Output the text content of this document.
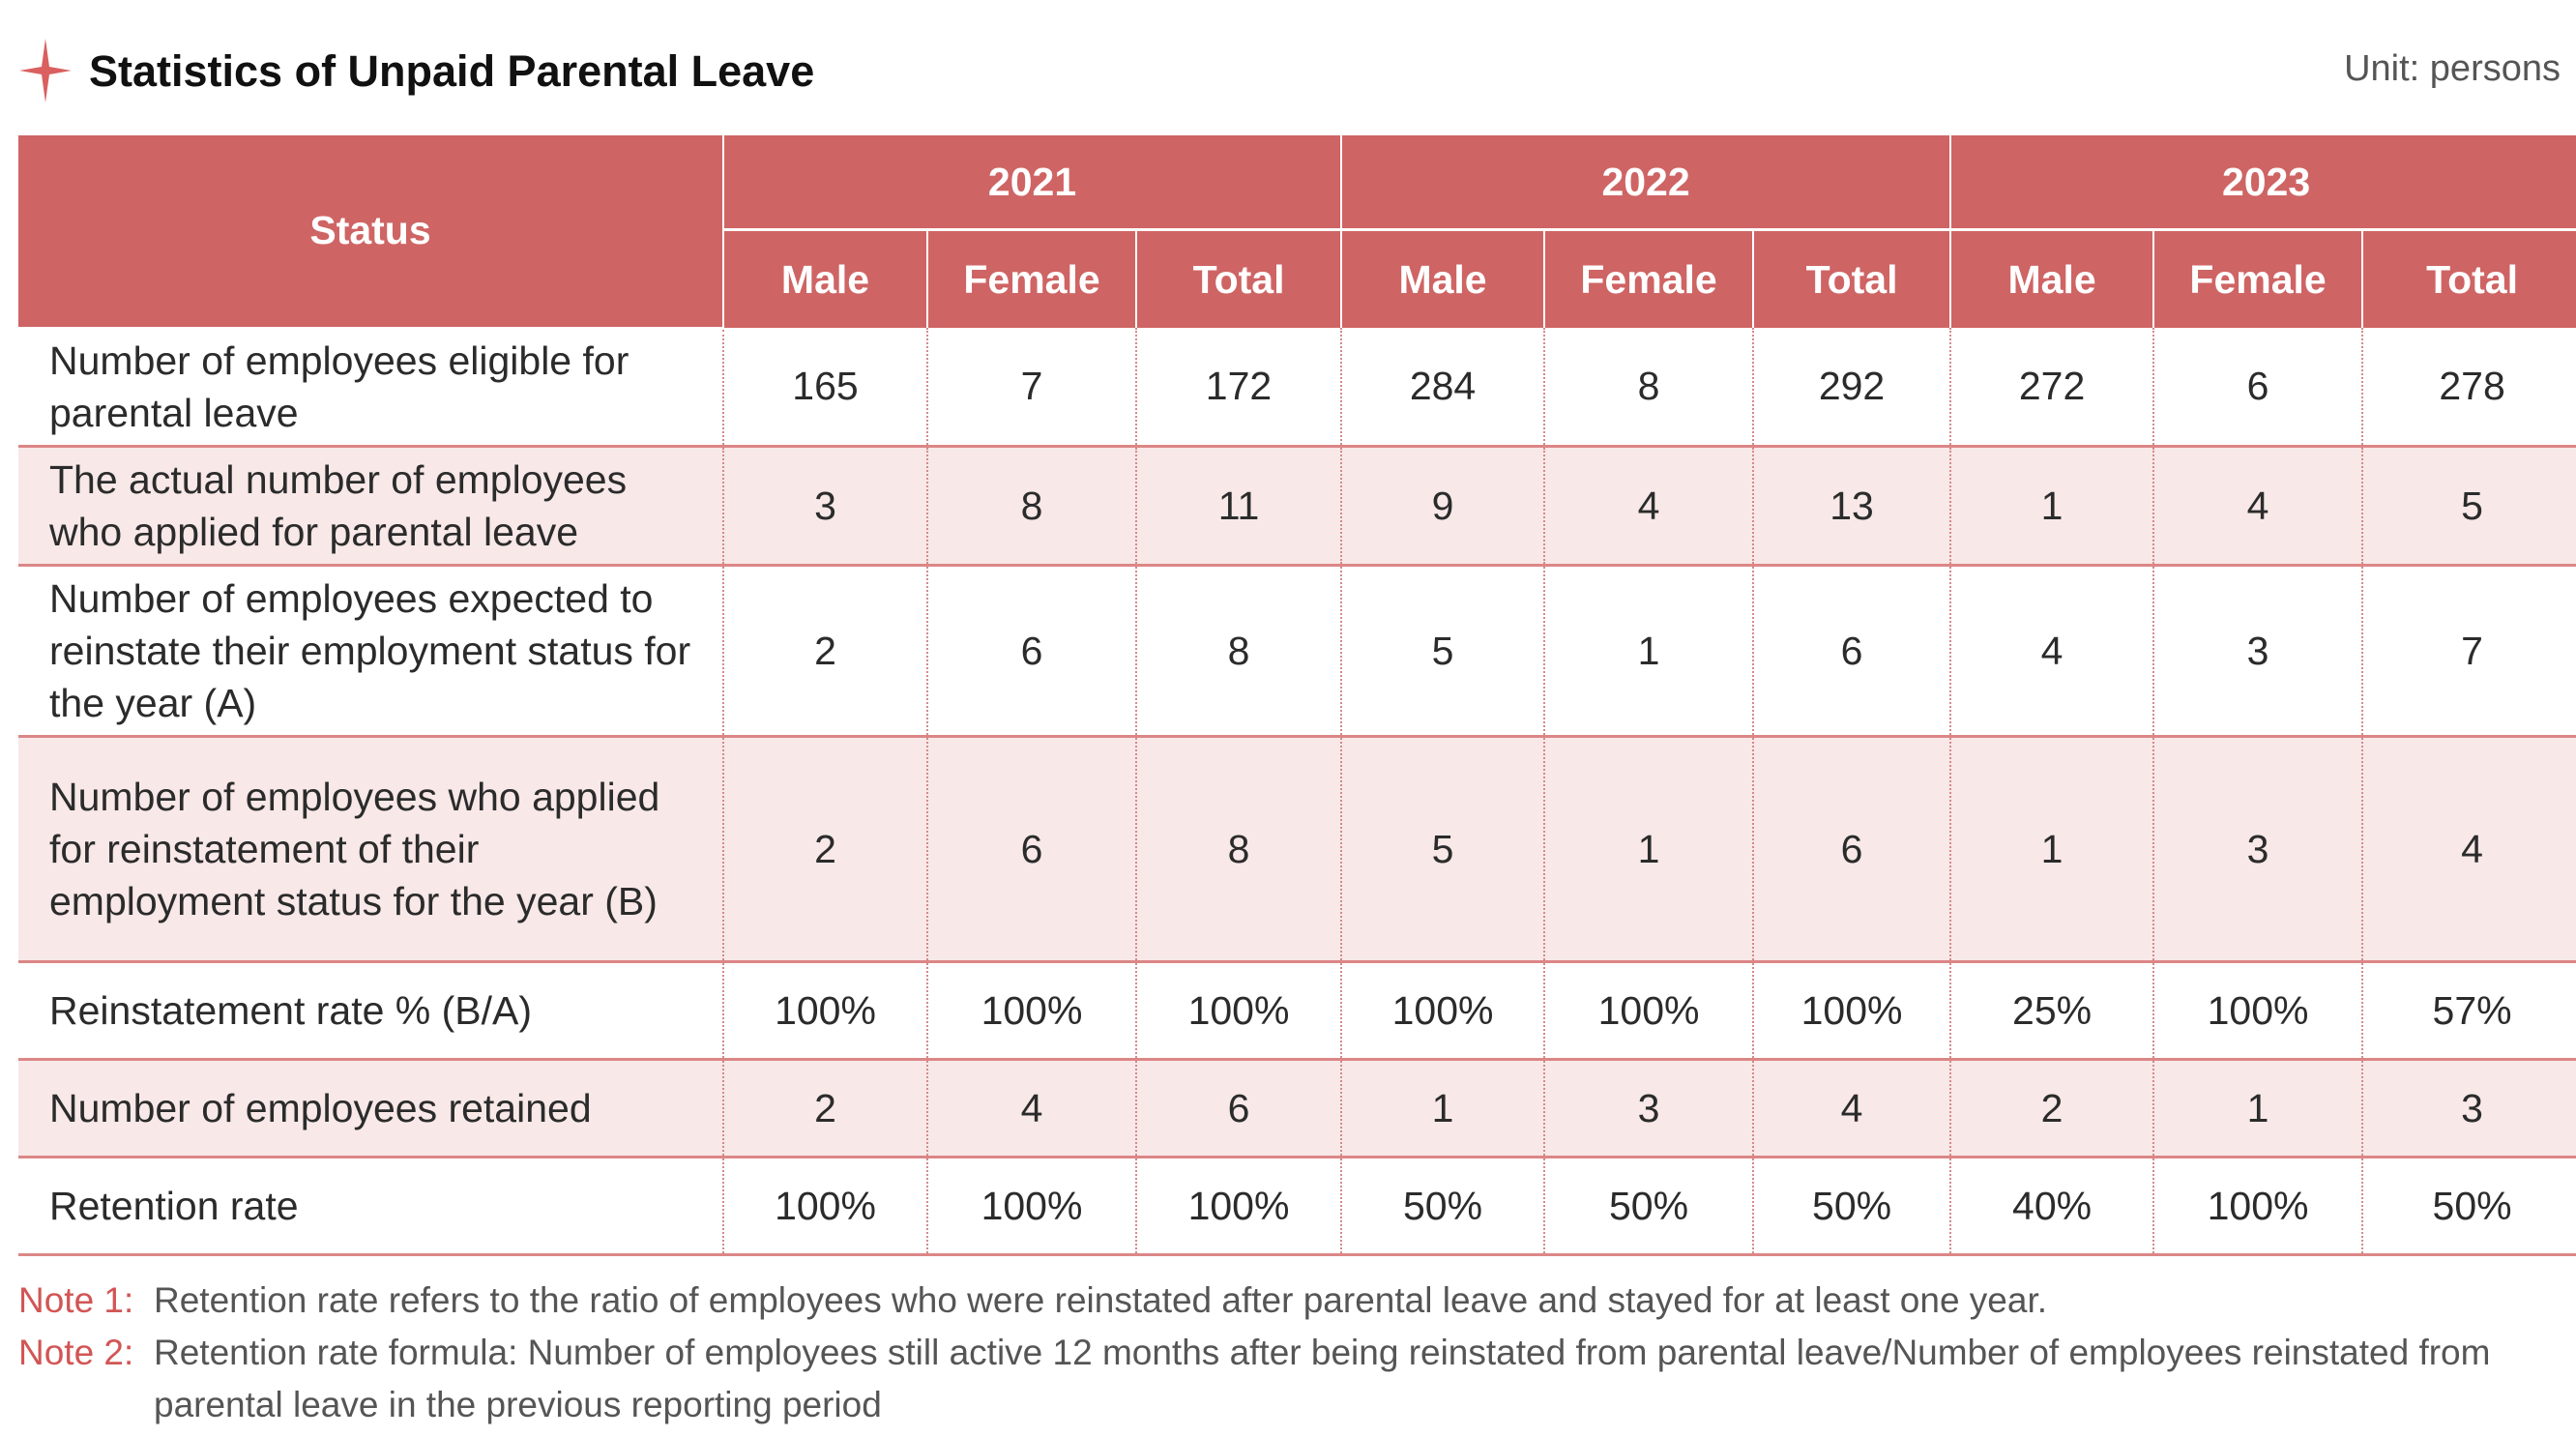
Statistics of Unpaid Parental Leave	Unit: persons
Status	2021			2022			2023		
	Male	Female	Total	Male	Female	Total	Male	Female	Total
Number of employees eligible for parental leave	165	7	172	284	8	292	272	6	278
The actual number of employees who applied for parental leave	3	8	11	9	4	13	1	4	5
Number of employees expected to reinstate their employment status for the year (A)	2	6	8	5	1	6	4	3	7
Number of employees who applied for reinstatement of their employment status for the year (B)	2	6	8	5	1	6	1	3	4
Reinstatement rate % (B/A)	100%	100%	100%	100%	100%	100%	25%	100%	57%
Number of employees retained	2	4	6	1	3	4	2	1	3
Retention rate	100%	100%	100%	50%	50%	50%	40%	100%	50%
Note 1: Retention rate refers to the ratio of employees who were reinstated after parental leave and stayed for at least one year.
Note 2: Retention rate formula: Number of employees still active 12 months after being reinstated from parental leave/Number of employees reinstated from parental leave in the previous reporting period
